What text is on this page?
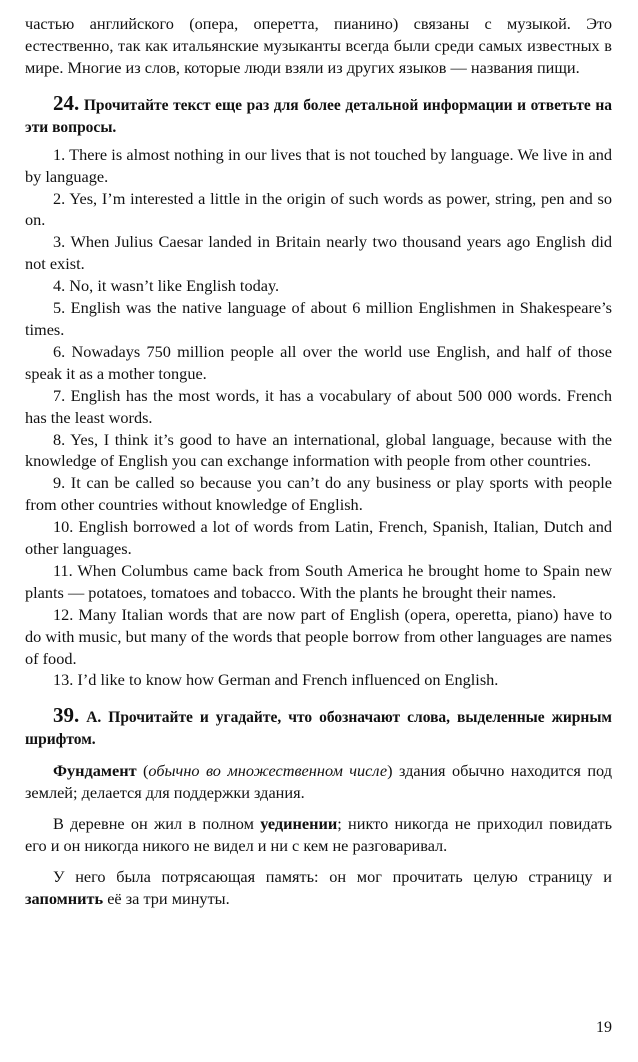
частью английского (опера, оперетта, пианино) связаны с музыкой. Это естественно, так как итальянские музыканты всегда были среди самых известных в мире. Многие из слов, которые люди взяли из других языков — названия пищи.

24. Прочитайте текст еще раз для более детальной информации и ответьте на эти вопросы.

1. There is almost nothing in our lives that is not touched by language. We live in and by language.

2. Yes, I’m interested a little in the origin of such words as power, string, pen and so on.

3. When Julius Caesar landed in Britain nearly two thousand years ago English did not exist.

4. No, it wasn’t like English today.

5. English was the native language of about 6 million Englishmen in Shakespeare’s times.

6. Nowadays 750 million people all over the world use English, and half of those speak it as a mother tongue.

7. English has the most words, it has a vocabulary of about 500 000 words. French has the least words.

8. Yes, I think it’s good to have an international, global language, because with the knowledge of English you can exchange information with people from other countries.

9. It can be called so because you can’t do any business or play sports with people from other countries without knowledge of English.

10. English borrowed a lot of words from Latin, French, Spanish, Italian, Dutch and other languages.

11. When Columbus came back from South America he brought home to Spain new plants — potatoes, tomatoes and tobacco. With the plants he brought their names.

12. Many Italian words that are now part of English (opera, operetta, piano) have to do with music, but many of the words that people borrow from other languages are names of food.

13. I’d like to know how German and French influenced on English.

39. А. Прочитайте и угадайте, что обозначают слова, выделенные жирным шрифтом.

Фундамент (обычно во множественном числе) здания обычно находится под землей; делается для поддержки здания.

В деревне он жил в полном уединении; никто никогда не приходил повидать его и он никогда никого не видел и ни с кем не разговаривал.

У него была потрясающая память: он мог прочитать целую страницу и запомнить её за три минуты.

19
